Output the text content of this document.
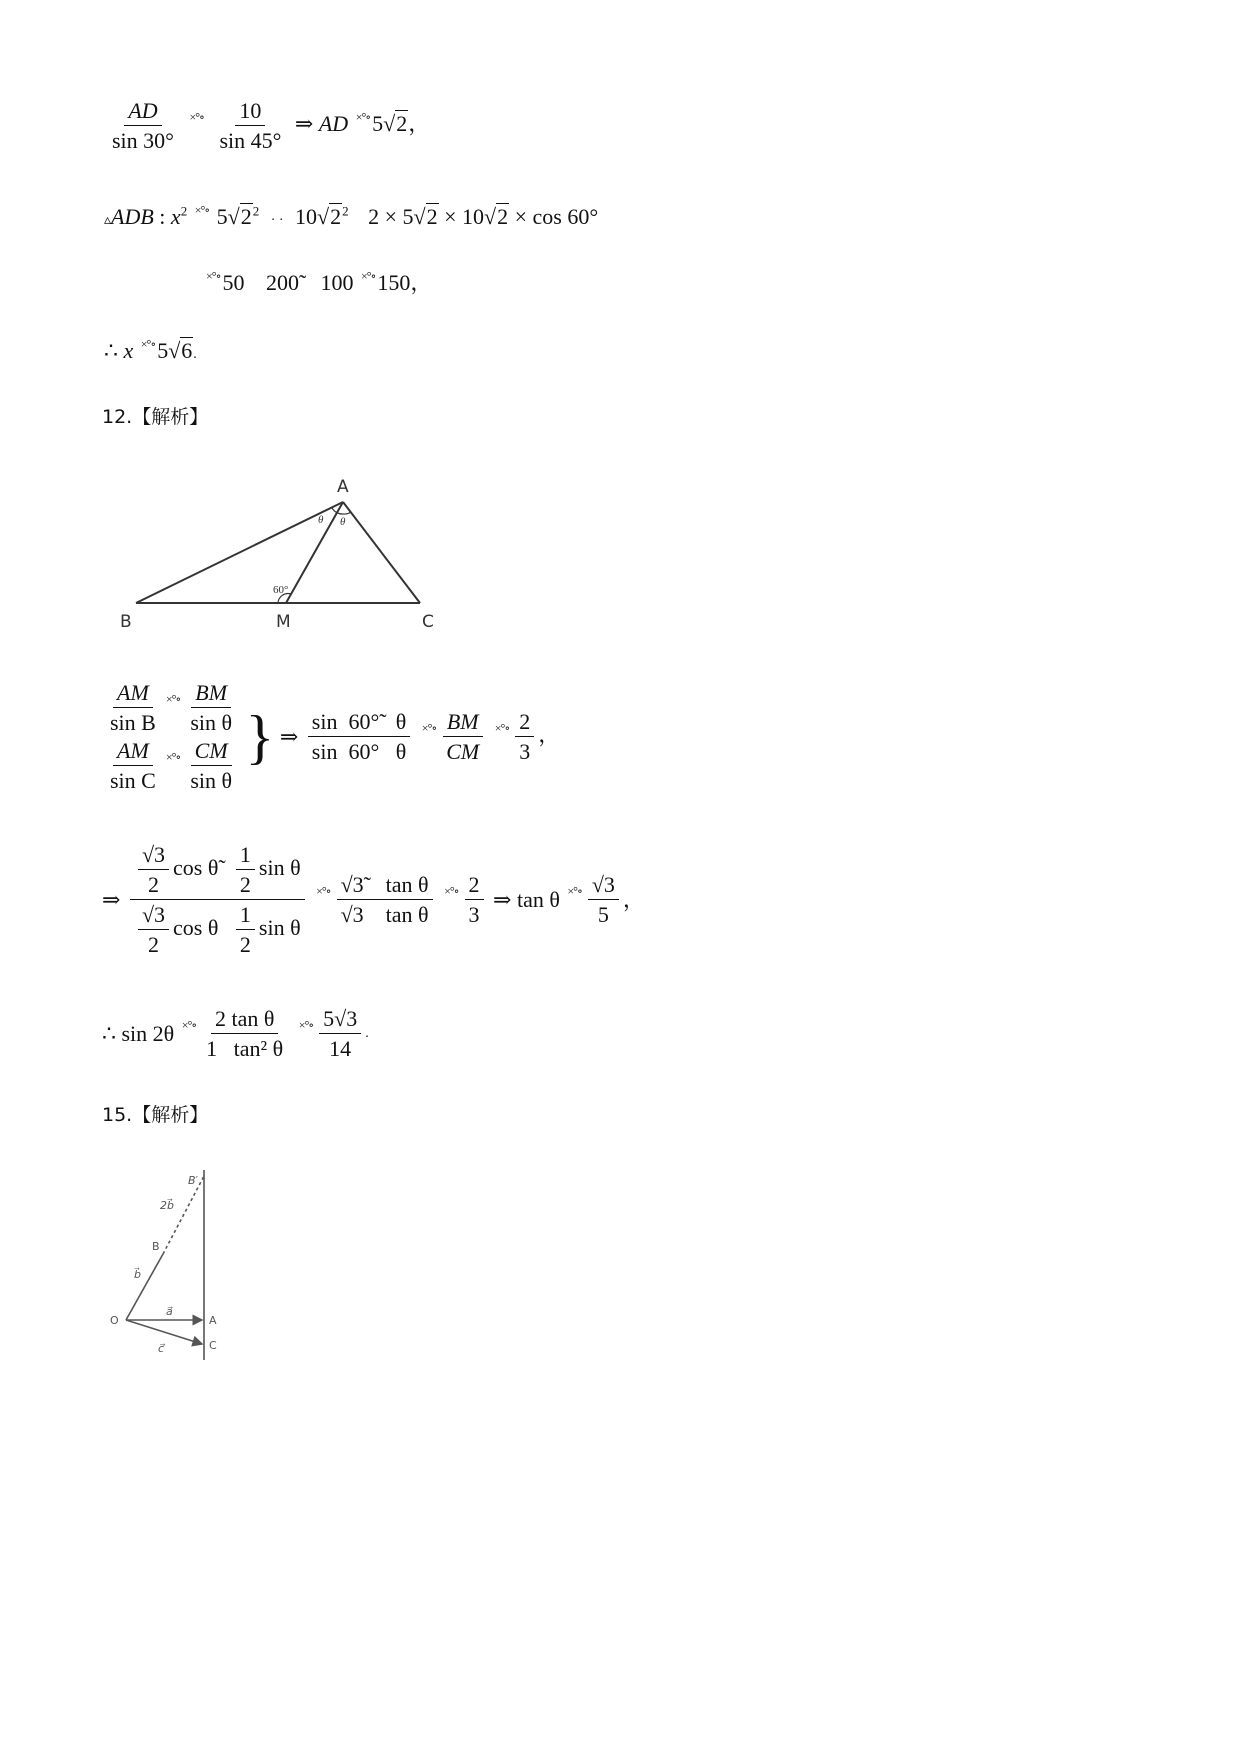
$\frac{AD}{\sin 30^\circ} ^{\times^\circ\circ} \frac{10}{\sin 45^\circ}$ ⇒ AD ×°∘5√2，
▵ADB : $x^2$ ×°∘ $5√2^2$ · · $10√2^2$ 2 × 5√2 × 10√2 × cos 60°
×°∘50 200̃ 100 ×°∘150，
∴ x ×°∘5√6.
12.【解析】
A
B	M	C
θ θ
60°
$\frac{AM}{\text{sin B}} ^{\times^\circ\circ} \frac{BM}{\text{sin θ}}$
$\frac{AM}{\text{sin C}} ^{\times^\circ\circ} \frac{CM}{\text{sin θ}}$ } ⇒ $\frac{\sin 60^\circ̃ \theta}{\sin 60^\circ \theta} ^{\times^\circ\circ} \frac{BM}{CM} ^{\times^\circ\circ} \frac{2}{3}$ ，
⇒ $\frac{\frac{√3}{2} \cos \thetã \frac{1}{2} \sin \theta}{\frac{√3}{2} \cos \theta \frac{1}{2} \sin \theta} ^{\times^\circ\circ} \frac{\text{√3̃    tan θ}}{\text{√3    tan θ}} ^{\times^\circ\circ} \frac{2}{3}$ ⇒ tan θ $^{\times^\circ\circ} \frac{√3}{5}$ ，
∴ sin 2θ $^{\times^\circ\circ} \frac{\text{2 tan θ}}{\text{1   tan² θ}} ^{\times^\circ\circ} \frac{5√3}{14}$ .
15.【解析】
B′
2b⃗
B
b⃗
O
a⃗
A
c⃗	C
